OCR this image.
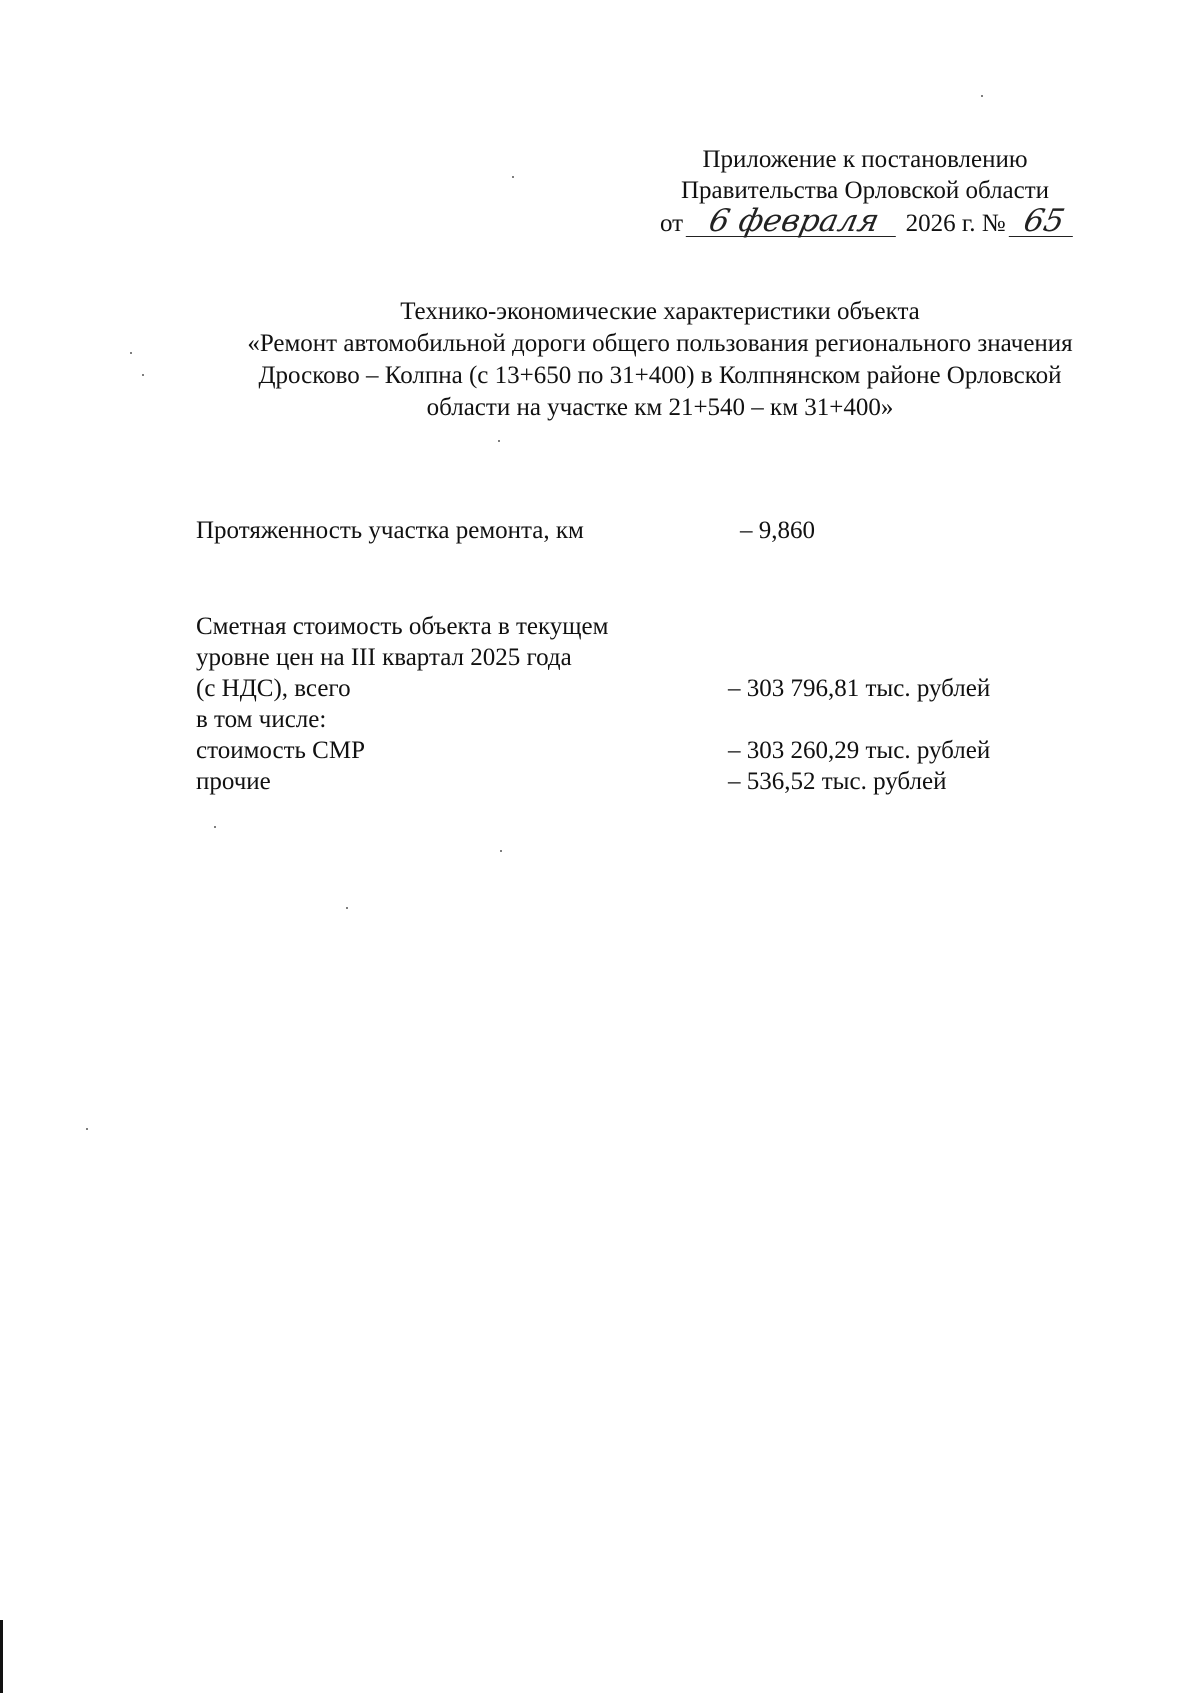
Приложение к постановлению
Правительства Орловской области
от 6 февраля 2026 г. № 65
Технико-экономические характеристики объекта
«Ремонт автомобильной дороги общего пользования регионального значения
Дросково – Колпна (с 13+650 по 31+400) в Колпнянском районе Орловской
области на участке км 21+540 – км 31+400»
Протяженность участка ремонта, км	– 9,860
Сметная стоимость объекта в текущем
уровне цен на III квартал 2025 года
(с НДС), всего	– 303 796,81 тыс. рублей
в том числе:
стоимость СМР	– 303 260,29 тыс. рублей
прочие	– 536,52 тыс. рублей
